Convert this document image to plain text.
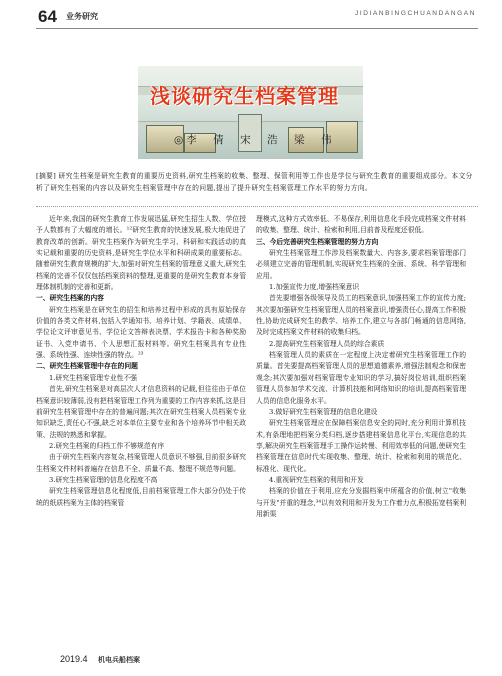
64 业务研究	JIDIANBINGCHUANDANGAN
浅谈研究生档案管理
◎李　倩　宋　浩　梁　伟
[摘要] 研究生档案是研究生教育的重要历史资料,研究生档案的收集、整理、保管利用等工作也是学位与研究生教育的重要组成部分。本文分析了研究生档案的内容以及研究生档案管理中存在的问题,提出了提升研究生档案管理工作水平的努力方向。

近年来,我国的研究生教育工作发展迅猛,研究生招生人数、学位授予人数都有了大幅度的增长。¹²研究生教育的快速发展,极大地促进了教育改革的创新。研究生档案作为研究生学习、科研和实践活动的真实记载和重要的历史资料,是研究生学位水平和科研成果的重要标志。随着研究生教育规模的扩大,加强对研究生档案的管理意义重大,研究生档案的完善不仅仅包括档案资料的整理,更重要的是研究生教育本身管理体制机制的完善和更新。

一、研究生档案的内容

研究生档案是在研究生的招生和培养过程中形成的具有原始保存价值的各类文件材料,包括入学通知书、培养计划、学籍表、成绩单、学位论文评审意见书、学位论文答辩表决票、学术报告卡和各种奖励证书、入党申请书、个人思想汇报材料等。研究生档案具有专业性强、系统性强、连续性强的特点。²³

二、研究生档案管理中存在的问题
1.研究生档案管理专业性不强

首先,研究生档案是对高层次人才信息资料的记载,但往往由于单位档案意识较薄弱,没有把档案管理工作列为重要的工作内容来抓,这是目前研究生档案管理中存在的普遍问题;其次在研究生档案人员档案专业知识缺乏,责任心不强,缺乏对本单位主要专业和各个培养环节中相关政策、法规的熟悉和掌握。

2.研究生档案的归档工作不够规范有序

由于研究生档案内容复杂,档案管理人员意识不够强,目前很多研究生档案文件材料普遍存在信息不全、质量不高、整理不规范等问题。

3.研究生档案管理的信息化程度不高

研究生档案管理信息化程度低,目前档案管理工作大部分仍处于传统的纸质档案为主体的档案管

理模式,这种方式效率低、不易保存,利用信息化手段完成档案文件材料的收集、整理、统计、检索和利用,目前普及程度还很低。

三、今后完善研究生档案管理的努力方向

研究生档案管理工作涉及档案数量大、内容多,要求档案管理部门必须建立完善的管理机制,实现研究生档案的全面、系统、科学管理和应用。

1.加强宣传力度,增强档案意识

首先要增强各级领导及员工的档案意识,加强档案工作的宣传力度;其次要加强研究生档案管理人员的档案意识,增强责任心,提高工作积极性,协助完成研究生的教学、培养工作,建立与各部门畅通的信息网络,及时完成档案文件材料的收集归档。

2.提高研究生档案管理人员的综合素质

档案管理人员的素质在一定程度上决定着研究生档案管理工作的质量。首先要提高档案管理人员的思想道德素养,增强法制观念和保密观念;其次要加强对档案管理专业知识的学习,搞好岗位培训,组织档案管理人员参加学术交流、计算机技能和网络知识的培训,提高档案管理人员的信息化服务水平。

3.做好研究生档案管理的信息化建设

研究生档案管理应在保障档案信息安全的同时,充分利用计算机技术,有条理地把档案分类归档,逐步搭建档案信息化平台,实现信息的共享,解决研究生档案管理手工操作运转慢、利用效率低的问题,使研究生档案管理在信息时代实现收集、整理、统计、检索和利用的规范化、标准化、现代化。

4.重视研究生档案的利用和开发

档案的价值在于利用,应充分发掘档案中所蕴含的价值,树立"收集与开发"并重的理念,³⁴以有效利用和开发为工作着力点,积极拓宽档案利用新渠

2019.4 机电兵船档案
